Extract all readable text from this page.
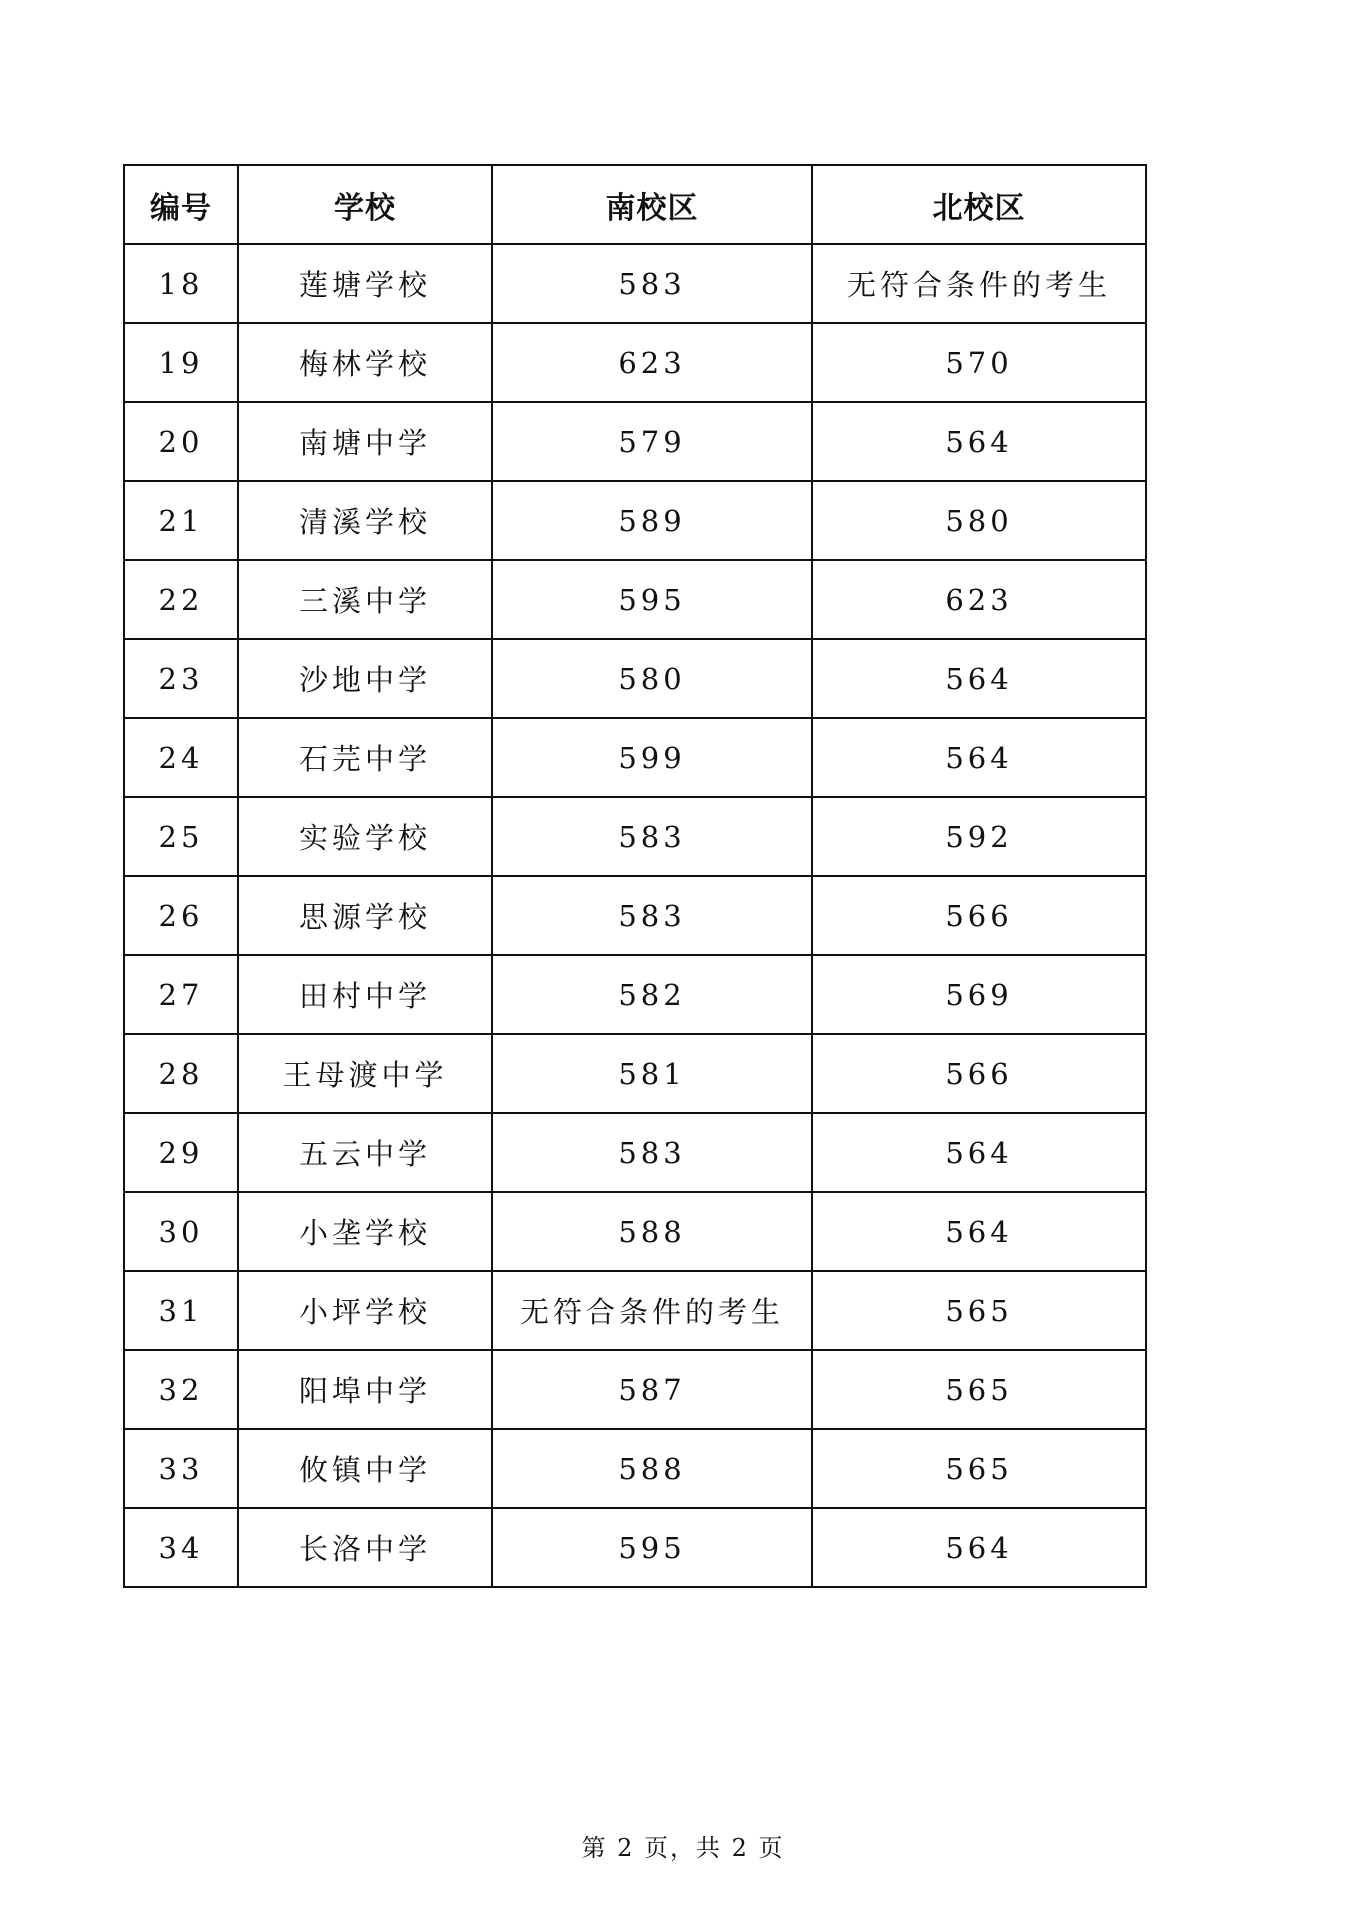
编号	学校	南校区	北校区
18	莲塘学校	583	无符合条件的考生
19	梅林学校	623	570
20	南塘中学	579	564
21	清溪学校	589	580
22	三溪中学	595	623
23	沙地中学	580	564
24	石芫中学	599	564
25	实验学校	583	592
26	思源学校	583	566
27	田村中学	582	569
28	王母渡中学	581	566
29	五云中学	583	564
30	小垄学校	588	564
31	小坪学校	无符合条件的考生	565
32	阳埠中学	587	565
33	攸镇中学	588	565
34	长洛中学	595	564
第 2 页，共 2 页
